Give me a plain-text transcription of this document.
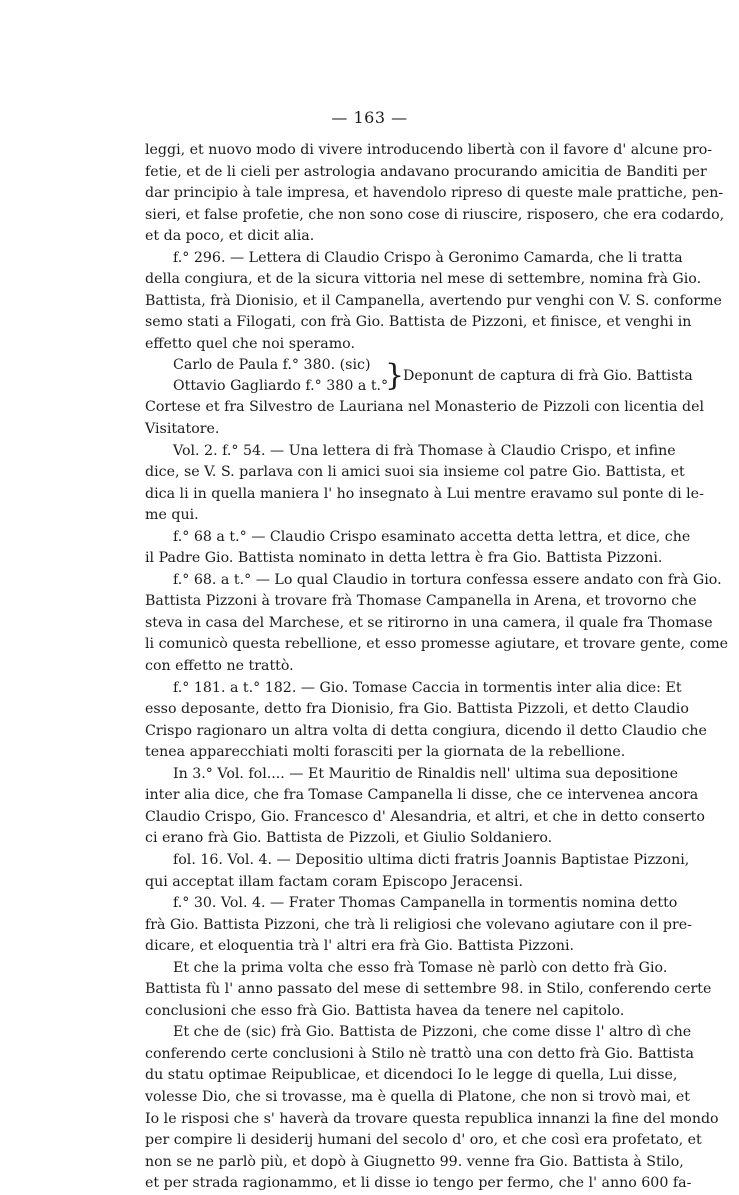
— 163 —
leggi, et nuovo modo di vivere introducendo libertà con il favore d' alcune pro-
fetie, et de li cieli per astrologia andavano procurando amicitia de Banditi per
dar principio à tale impresa, et havendolo ripreso di queste male prattiche, pen-
sieri, et false profetie, che non sono cose di riuscire, risposero, che era codardo,
et da poco, et dicit alia.
f.° 296. — Lettera di Claudio Crispo à Geronimo Camarda, che li tratta
della congiura, et de la sicura vittoria nel mese di settembre, nomina frà Gio.
Battista, frà Dionisio, et il Campanella, avertendo pur venghi con V. S. conforme
semo stati a Filogati, con frà Gio. Battista de Pizzoni, et finisce, et venghi in
effetto quel che noi speramo.
Carlo de Paula f.° 380. (sic)
Ottavio Gagliardo f.° 380 a t.°
}
Deponunt de captura di frà Gio. Battista
Cortese et fra Silvestro de Lauriana nel Monasterio de Pizzoli con licentia del
Visitatore.
Vol. 2. f.° 54. — Una lettera di frà Thomase à Claudio Crispo, et infine
dice, se V. S. parlava con li amici suoi sia insieme col patre Gio. Battista, et
dica li in quella maniera l' ho insegnato à Lui mentre eravamo sul ponte di le-
me qui.
f.° 68 a t.° — Claudio Crispo esaminato accetta detta lettra, et dice, che
il Padre Gio. Battista nominato in detta lettra è fra Gio. Battista Pizzoni.
f.° 68. a t.° — Lo qual Claudio in tortura confessa essere andato con frà Gio.
Battista Pizzoni à trovare frà Thomase Campanella in Arena, et trovorno che
steva in casa del Marchese, et se ritirorno in una camera, il quale fra Thomase
li comunicò questa rebellione, et esso promesse agiutare, et trovare gente, come
con effetto ne trattò.
f.° 181. a t.° 182. — Gio. Tomase Caccia in tormentis inter alia dice: Et
esso deposante, detto fra Dionisio, fra Gio. Battista Pizzoli, et detto Claudio
Crispo ragionaro un altra volta di detta congiura, dicendo il detto Claudio che
tenea apparecchiati molti forasciti per la giornata de la rebellione.
In 3.° Vol. fol.... — Et Mauritio de Rinaldis nell' ultima sua depositione
inter alia dice, che fra Tomase Campanella li disse, che ce intervenea ancora
Claudio Crispo, Gio. Francesco d' Alesandria, et altri, et che in detto conserto
ci erano frà Gio. Battista de Pizzoli, et Giulio Soldaniero.
fol. 16. Vol. 4. — Depositio ultima dicti fratris Joannis Baptistae Pizzoni,
qui acceptat illam factam coram Episcopo Jeracensi.
f.° 30. Vol. 4. — Frater Thomas Campanella in tormentis nomina detto
frà Gio. Battista Pizzoni, che trà li religiosi che volevano agiutare con il pre-
dicare, et eloquentia trà l' altri era frà Gio. Battista Pizzoni.
Et che la prima volta che esso frà Tomase nè parlò con detto frà Gio.
Battista fù l' anno passato del mese di settembre 98. in Stilo, conferendo certe
conclusioni che esso frà Gio. Battista havea da tenere nel capitolo.
Et che de (sic) frà Gio. Battista de Pizzoni, che come disse l' altro dì che
conferendo certe conclusioni à Stilo nè trattò una con detto frà Gio. Battista
du statu optimae Reipublicae, et dicendoci Io le legge di quella, Lui disse,
volesse Dio, che si trovasse, ma è quella di Platone, che non si trovò mai, et
Io le risposi che s' haverà da trovare questa republica innanzi la fine del mondo
per compire li desiderij humani del secolo d' oro, et che così era profetato, et
non se ne parlò più, et dopò à Giugnetto 99. venne fra Gio. Battista à Stilo,
et per strada ragionammo, et li disse io tengo per fermo, che l' anno 600 fa-
